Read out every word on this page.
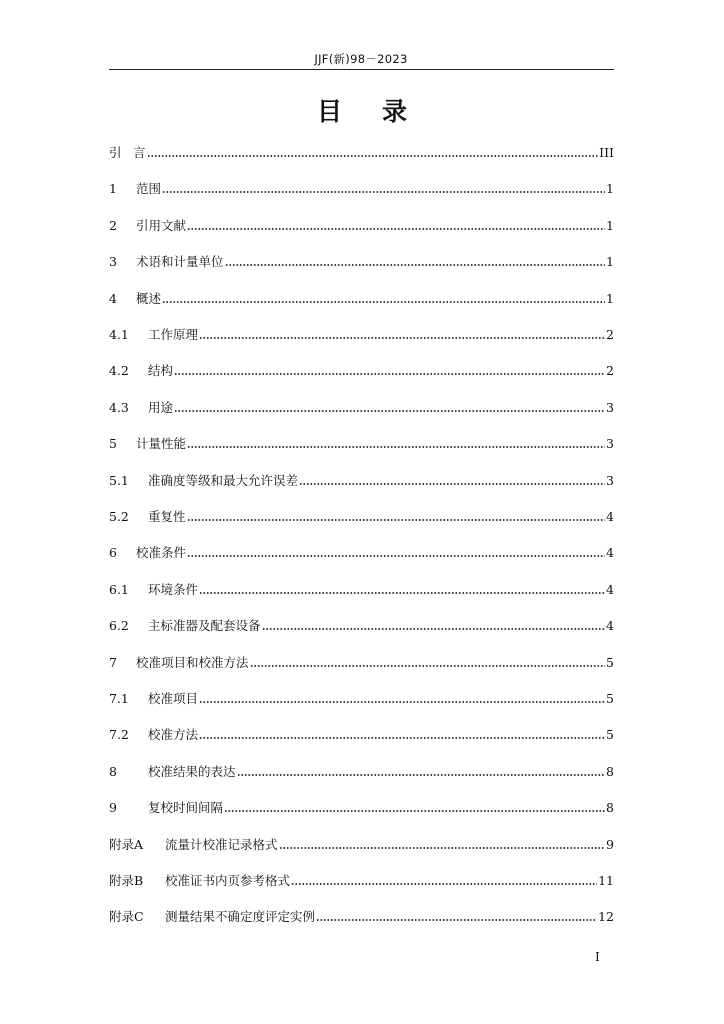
JJF(新)98－2023
目 录
引 言	III
1	范围	1
2	引用文献	1
3	术语和计量单位	1
4	概述	1
4.1	工作原理	2
4.2	结构	2
4.3	用途	3
5	计量性能	3
5.1	准确度等级和最大允许误差	3
5.2	重复性	4
6	校准条件	4
6.1	环境条件	4
6.2	主标准器及配套设备	4
7	校准项目和校准方法	5
7.1	校准项目	5
7.2	校准方法	5
8	校准结果的表达	8
9	复校时间间隔	8
附录A	流量计校准记录格式	9
附录B	校准证书内页参考格式	11
附录C	测量结果不确定度评定实例	12
I
